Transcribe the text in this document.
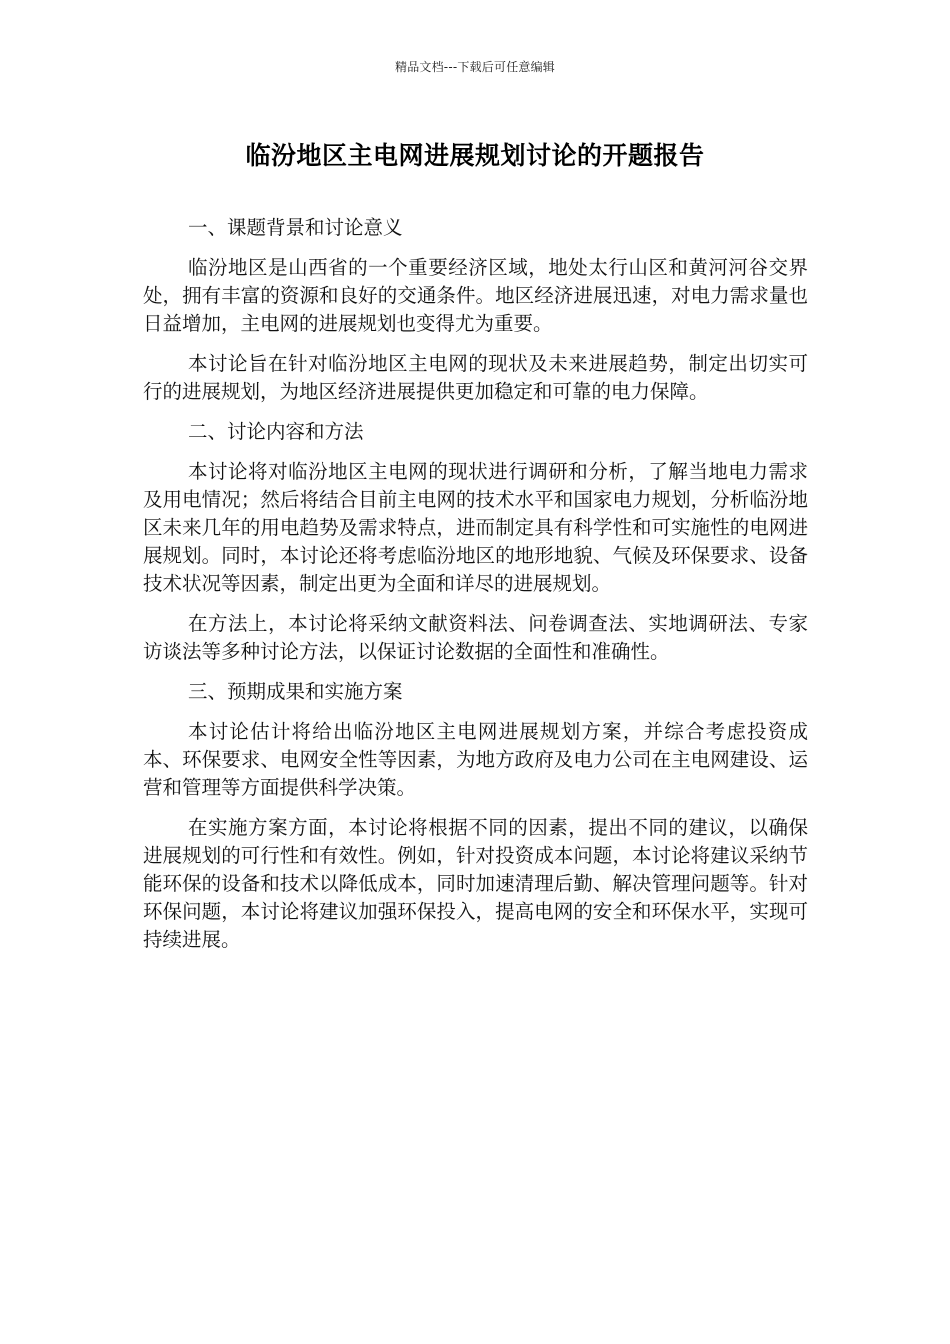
精品文档---下载后可任意编辑
临汾地区主电网进展规划讨论的开题报告
一、课题背景和讨论意义

临汾地区是山西省的一个重要经济区域，地处太行山区和黄河河谷交界处，拥有丰富的资源和良好的交通条件。地区经济进展迅速，对电力需求量也日益增加，主电网的进展规划也变得尤为重要。

本讨论旨在针对临汾地区主电网的现状及未来进展趋势，制定出切实可行的进展规划，为地区经济进展提供更加稳定和可靠的电力保障。

二、讨论内容和方法

本讨论将对临汾地区主电网的现状进行调研和分析，了解当地电力需求及用电情况；然后将结合目前主电网的技术水平和国家电力规划，分析临汾地区未来几年的用电趋势及需求特点，进而制定具有科学性和可实施性的电网进展规划。同时，本讨论还将考虑临汾地区的地形地貌、气候及环保要求、设备技术状况等因素，制定出更为全面和详尽的进展规划。

在方法上，本讨论将采纳文献资料法、问卷调查法、实地调研法、专家访谈法等多种讨论方法，以保证讨论数据的全面性和准确性。

三、预期成果和实施方案

本讨论估计将给出临汾地区主电网进展规划方案，并综合考虑投资成本、环保要求、电网安全性等因素，为地方政府及电力公司在主电网建设、运营和管理等方面提供科学决策。

在实施方案方面，本讨论将根据不同的因素，提出不同的建议，以确保进展规划的可行性和有效性。例如，针对投资成本问题，本讨论将建议采纳节能环保的设备和技术以降低成本，同时加速清理后勤、解决管理问题等。针对环保问题，本讨论将建议加强环保投入，提高电网的安全和环保水平，实现可持续进展。
